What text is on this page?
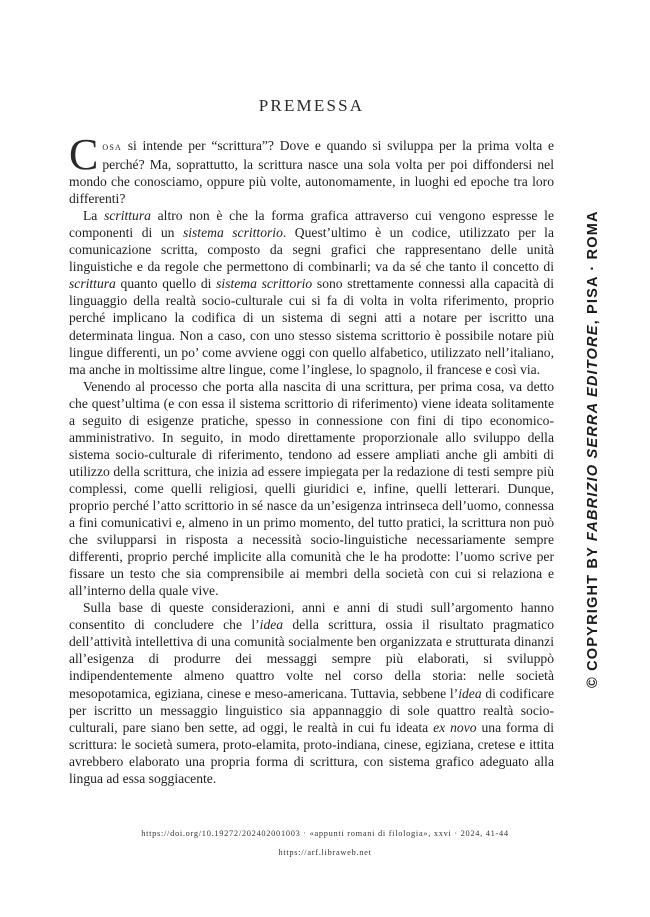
PREMESSA

Cosa si intende per “scrittura”? Dove e quando si sviluppa per la prima volta e perché? Ma, soprattutto, la scrittura nasce una sola volta per poi diffondersi nel mondo che conosciamo, oppure più volte, autonomamente, in luoghi ed epoche tra loro differenti?

La scrittura altro non è che la forma grafica attraverso cui vengono espresse le componenti di un sistema scrittorio. Quest’ultimo è un codice, utilizzato per la comunicazione scritta, composto da segni grafici che rappresentano delle unità linguistiche e da regole che permettono di combinarli; va da sé che tanto il concetto di scrittura quanto quello di sistema scrittorio sono strettamente connessi alla capacità di linguaggio della realtà socio-culturale cui si fa di volta in volta riferimento, proprio perché implicano la codifica di un sistema di segni atti a notare per iscritto una determinata lingua. Non a caso, con uno stesso sistema scrittorio è possibile notare più lingue differenti, un po’ come avviene oggi con quello alfabetico, utilizzato nell’italiano, ma anche in moltissime altre lingue, come l’inglese, lo spagnolo, il francese e così via.

Venendo al processo che porta alla nascita di una scrittura, per prima cosa, va detto che quest’ultima (e con essa il sistema scrittorio di riferimento) viene ideata solitamente a seguito di esigenze pratiche, spesso in connessione con fini di tipo economico-amministrativo. In seguito, in modo direttamente proporzionale allo sviluppo della sistema socio-culturale di riferimento, tendono ad essere ampliati anche gli ambiti di utilizzo della scrittura, che inizia ad essere impiegata per la redazione di testi sempre più complessi, come quelli religiosi, quelli giuridici e, infine, quelli letterari. Dunque, proprio perché l’atto scrittorio in sé nasce da un’esigenza intrinseca dell’uomo, connessa a fini comunicativi e, almeno in un primo momento, del tutto pratici, la scrittura non può che svilupparsi in risposta a necessità socio-linguistiche necessariamente sempre differenti, proprio perché implicite alla comunità che le ha prodotte: l’uomo scrive per fissare un testo che sia comprensibile ai membri della società con cui si relaziona e all’interno della quale vive.

Sulla base di queste considerazioni, anni e anni di studi sull’argomento hanno consentito di concludere che l’idea della scrittura, ossia il risultato pragmatico dell’attività intellettiva di una comunità socialmente ben organizzata e strutturata dinanzi all’esigenza di produrre dei messaggi sempre più elaborati, si sviluppò indipendentemente almeno quattro volte nel corso della storia: nelle società mesopotamica, egiziana, cinese e meso-americana. Tuttavia, sebbene l’idea di codificare per iscritto un messaggio linguistico sia appannaggio di sole quattro realtà socio-culturali, pare siano ben sette, ad oggi, le realtà in cui fu ideata ex novo una forma di scrittura: le società sumera, proto-elamita, proto-indiana, cinese, egiziana, cretese e ittita avrebbero elaborato una propria forma di scrittura, con sistema grafico adeguato alla lingua ad essa soggiacente.

https://doi.org/10.19272/202402001003 · «appunti romani di filologia», xxvi · 2024, 41-44
https://arf.libraweb.net
© COPYRIGHT BY FABRIZIO SERRA EDITORE, PISA · ROMA
